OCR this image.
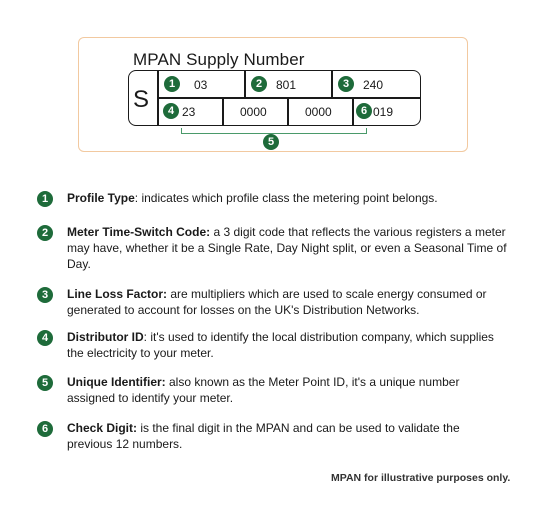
MPAN Supply Number
S
1	03	2	801	3	240
4 23	0000	0000	6 019
5
1	Profile Type: indicates which profile class the metering point belongs.
2	Meter Time-Switch Code: a 3 digit code that reflects the various registers a meter may have, whether it be a Single Rate, Day Night split, or even a Seasonal Time of Day.
3	Line Loss Factor: are multipliers which are used to scale energy consumed or generated to account for losses on the UK's Distribution Networks.
4	Distributor ID: it's used to identify the local distribution company, which supplies the electricity to your meter.
5	Unique Identifier: also known as the Meter Point ID, it's a unique number assigned to identify your meter.
6	Check Digit: is the final digit in the MPAN and can be used to validate the previous 12 numbers.
MPAN for illustrative purposes only.
